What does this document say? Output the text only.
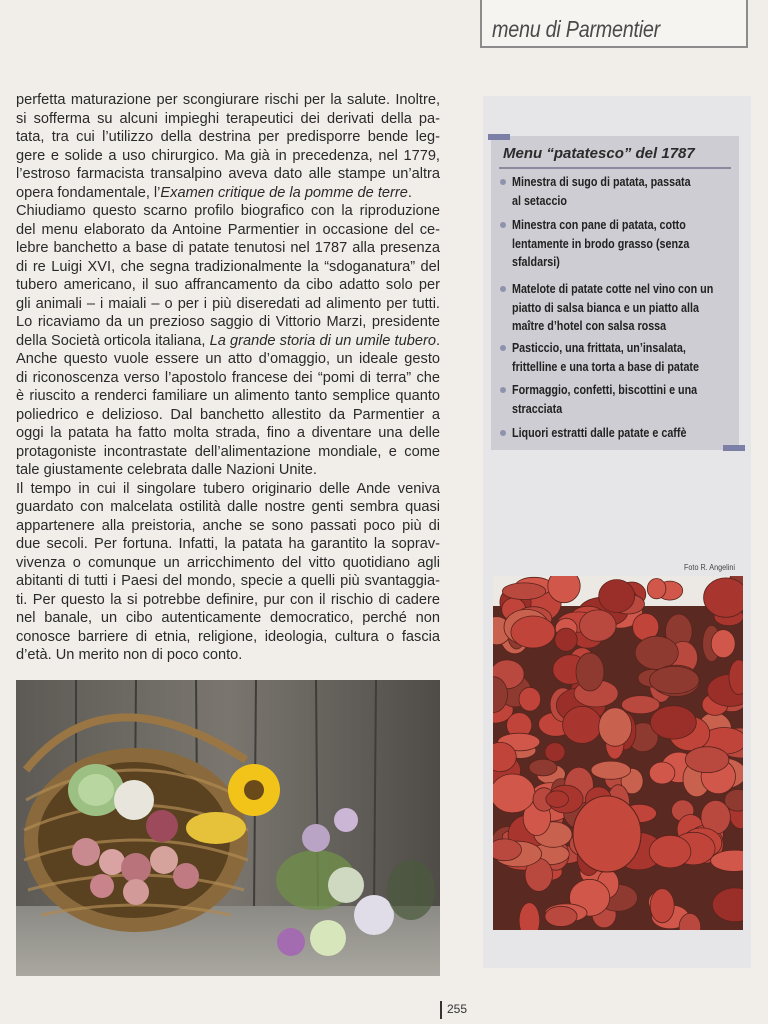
menu di Parmentier
perfetta maturazione per scongiurare rischi per la salute. Inoltre,
si sofferma su alcuni impieghi terapeutici dei derivati della pa-
tata, tra cui l’utilizzo della destrina per predisporre bende leg-
gere e solide a uso chirurgico. Ma già in precedenza, nel 1779,
l’estroso farmacista transalpino aveva dato alle stampe un’altra
opera fondamentale, l’Examen critique de la pomme de terre.
Chiudiamo questo scarno profilo biografico con la riproduzione
del menu elaborato da Antoine Parmentier in occasione del ce-
lebre banchetto a base di patate tenutosi nel 1787 alla presenza
di re Luigi XVI, che segna tradizionalmente la “sdoganatura” del
tubero americano, il suo affrancamento da cibo adatto solo per
gli animali – i maiali – o per i più diseredati ad alimento per tutti.
Lo ricaviamo da un prezioso saggio di Vittorio Marzi, presidente
della Società orticola italiana, La grande storia di un umile tubero.
Anche questo vuole essere un atto d’omaggio, un ideale gesto
di riconoscenza verso l’apostolo francese dei “pomi di terra” che
è riuscito a renderci familiare un alimento tanto semplice quanto
poliedrico e delizioso. Dal banchetto allestito da Parmentier a
oggi la patata ha fatto molta strada, fino a diventare una delle
protagoniste incontrastate dell’alimentazione mondiale, e come
tale giustamente celebrata dalle Nazioni Unite.
Il tempo in cui il singolare tubero originario delle Ande veniva
guardato con malcelata ostilità dalle nostre genti sembra quasi
appartenere alla preistoria, anche se sono passati poco più di
due secoli. Per fortuna. Infatti, la patata ha garantito la soprav-
vivenza o comunque un arricchimento del vitto quotidiano agli
abitanti di tutti i Paesi del mondo, specie a quelli più svantaggia-
ti. Per questo la si potrebbe definire, pur con il rischio di cadere
nel banale, un cibo autenticamente democratico, perché non
conosce barriere di etnia, religione, ideologia, cultura o fascia
d’età. Un merito non di poco conto.
Menu “patatesco” del 1787
Minestra di sugo di patata, passata
al setaccio
Minestra con pane di patata, cotto
lentamente in brodo grasso (senza
sfaldarsi)
Matelote di patate cotte nel vino con un
piatto di salsa bianca e un piatto alla
maître d’hotel con salsa rossa
Pasticcio, una frittata, un’insalata,
frittelline e una torta a base di patate
Formaggio, confetti, biscottini e una
stracciata
Liquori estratti dalle patate e caffè
Foto R. Angelini
255
